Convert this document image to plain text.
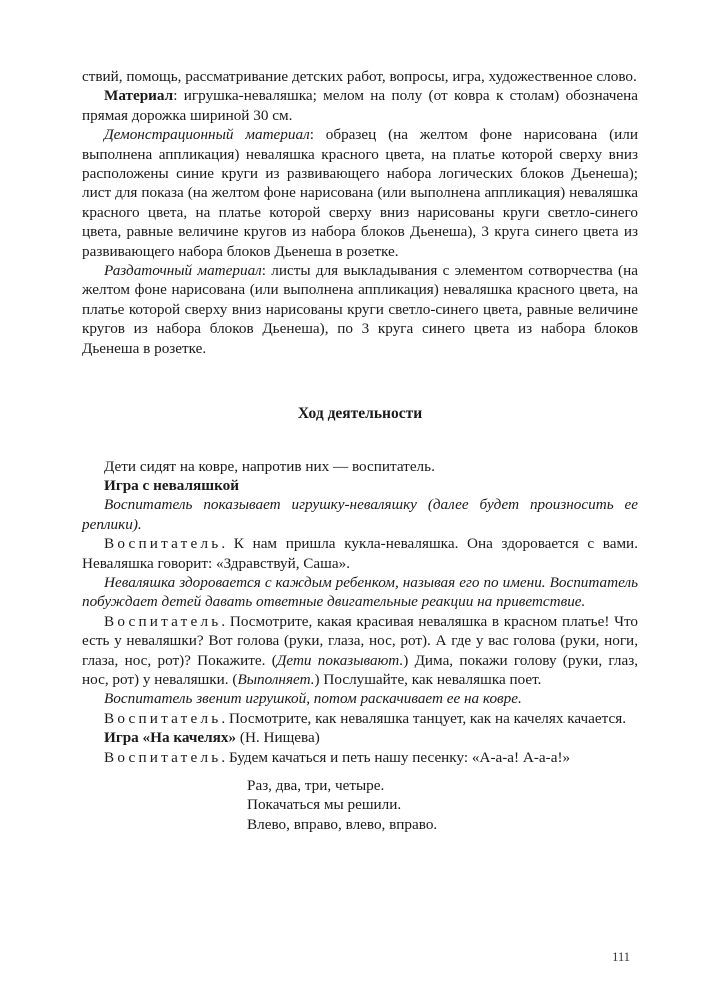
ствий, помощь, рассматривание детских работ, вопросы, игра, художественное слово.

Материал: игрушка-неваляшка; мелом на полу (от ковра к столам) обозначена прямая дорожка шириной 30 см.

Демонстрационный материал: образец (на желтом фоне нарисована (или выполнена аппликация) неваляшка красного цвета, на платье которой сверху вниз расположены синие круги из развивающего набора логических блоков Дьенеша); лист для показа (на желтом фоне нарисована (или выполнена аппликация) неваляшка красного цвета, на платье которой сверху вниз нарисованы круги светло-синего цвета, равные величине кругов из набора блоков Дьенеша), 3 круга синего цвета из развивающего набора блоков Дьенеша в розетке.

Раздаточный материал: листы для выкладывания с элементом сотворчества (на желтом фоне нарисована (или выполнена аппликация) неваляшка красного цвета, на платье которой сверху вниз нарисованы круги светло-синего цвета, равные величине кругов из набора блоков Дьенеша), по 3 круга синего цвета из набора блоков Дьенеша в розетке.

Ход деятельности

Дети сидят на ковре, напротив них — воспитатель.

Игра с неваляшкой

Воспитатель показывает игрушку-неваляшку (далее будет произносить ее реплики).

Воспитатель. К нам пришла кукла-неваляшка. Она здоровается с вами. Неваляшка говорит: «Здравствуй, Саша».

Неваляшка здоровается с каждым ребенком, называя его по имени. Воспитатель побуждает детей давать ответные двигательные реакции на приветствие.

Воспитатель. Посмотрите, какая красивая неваляшка в красном платье! Что есть у неваляшки? Вот голова (руки, глаза, нос, рот). А где у вас голова (руки, ноги, глаза, нос, рот)? Покажите. (Дети показывают.) Дима, покажи голову (руки, глаз, нос, рот) у неваляшки. (Выполняет.) Послушайте, как неваляшка поет.

Воспитатель звенит игрушкой, потом раскачивает ее на ковре.

Воспитатель. Посмотрите, как неваляшка танцует, как на качелях качается.

Игра «На качелях» (Н. Нищева)

Воспитатель. Будем качаться и петь нашу песенку: «А-а-а! А-а-а!»

Раз, два, три, четыре.
Покачаться мы решили.
Влево, вправо, влево, вправо.
111
